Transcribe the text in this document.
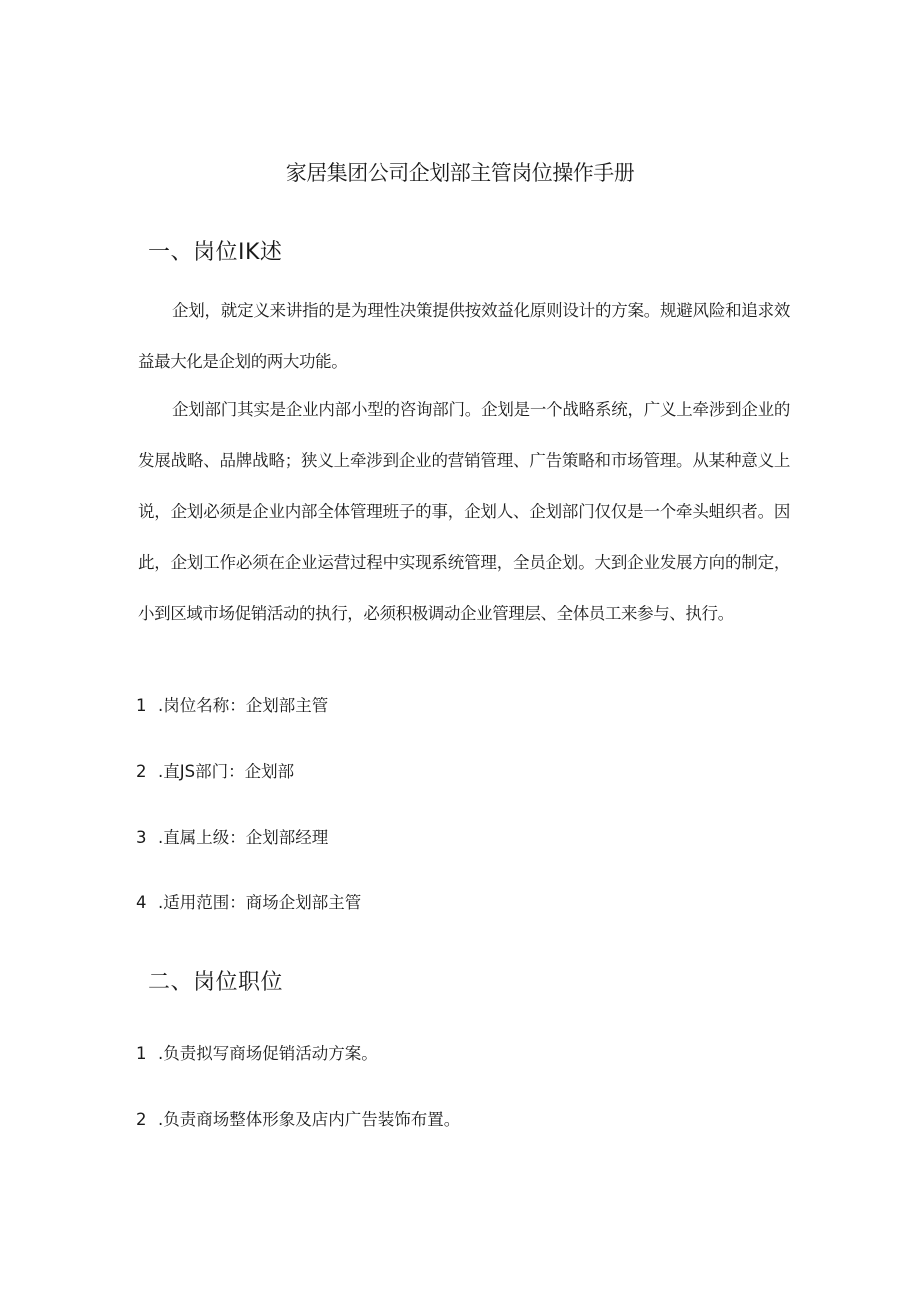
家居集团公司企划部主管岗位操作手册
一、岗位IK述

企划，就定义来讲指的是为理性决策提供按效益化原则设计的方案。规避风险和追求效益最大化是企划的两大功能。

企划部门其实是企业内部小型的咨询部门。企划是一个战略系统，广义上牵涉到企业的发展战略、品牌战略；狭义上牵涉到企业的营销管理、广告策略和市场管理。从某种意义上说，企划必须是企业内部全体管理班子的事，企划人、企划部门仅仅是一个牵头蛆织者。因此，企划工作必须在企业运营过程中实现系统管理，全员企划。大到企业发展方向的制定，小到区域市场促销活动的执行，必须积极调动企业管理层、全体员工来参与、执行。

1 .岗位名称：企划部主管
2 .直JS部门：企划部
3 .直属上级：企划部经理
4 .适用范围：商场企划部主管
二、岗位职位
1 .负责拟写商场促销活动方案。
2 .负责商场整体形象及店内广告装饰布置。
